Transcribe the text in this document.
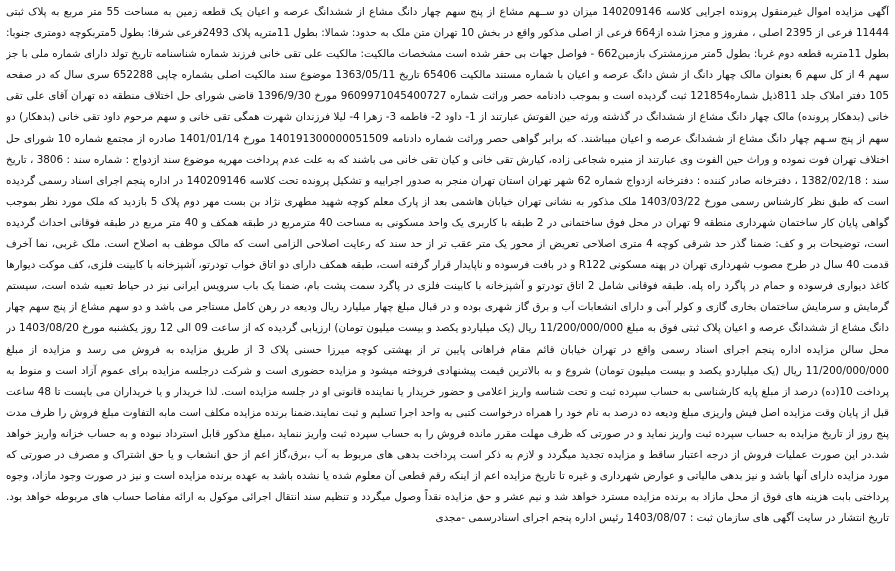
آگهی مزایده اموال غیرمنقول پرونده اجرایی کلاسه 140209146 میزان دو ســهم مشاع از پنج سهم چهار دانگ مشاع از ششدانگ عرصه و اعیان یک قطعه زمین به مساحت 55 متر مربع به پلاک ثبتی 11444 فرعی از 2395 اصلی ، مفروز و مجزا شده از664 فرعی از اصلی مذکور واقع در بخش 10 تهران متن ملک به حدود: شمالا: بطول 11متریه پلاک 2493فرعی شرقا: بطول 5متربکوچه دومتری جنوبا: بطول 11متربه قطعه دوم غربا: بطول 5متر مرزمشترک بازمین662 - فواصل جهات بی حفر شده است مشخصات مالکیت: مالکیت علی تقی خانی فرزند شماره شناسنامه تاریخ تولد دارای شماره ملی با جز سهم 4 از کل سهم 6 بعنوان مالک چهار دانگ از شش دانگ عرصه و اعیان با شماره مستند مالکیت 65406 تاریخ 1363/05/11 موضوع سند مالکیت اصلی بشماره چاپی 652288 سری سال که در صفحه 105 دفتر املاک جلد 811ذیل شماره121854 ثبت گردیده است و بموجب دادنامه حصر وراثت شماره 9609971045400727 مورخ 1396/9/30 قاضی شورای حل اختلاف منطقه ده تهران آقای علی تقی خانی (بدهکار پرونده) مالک چهار دانگ مشاع از ششدانگ در گذشته ورثه حین الفوتش عبارتند از 1- داود 2- فاطمه 3- زهرا 4- لیلا فرزندان شهرت همگی تقی خانی و سهم مرحوم داود تقی خانی (بدهکار) دو سهم از پنج سـهم چهار دانگ مشاع از ششدانگ عرصه و اعیان میباشند. که برابر گواهی حصر وراثت شماره دادنامه 140191300000051509 مورخ 1401/01/14 صادره از مجتمع شماره 10 شورای حل اختلاف تهران فوت نموده و وراث حین الفوت وی عبارتند از منیره شجاعی زاده، کیارش تقی خانی و کیان تقی خانی می باشند که به علت عدم پرداخت مهریه موضوع سند ازدواج : شماره سند : 3806 ، تاریخ سند : 1382/02/18 ، دفترخانه صادر کننده : دفترخانه ازدواج شماره 62 شهر تهران استان تهران منجر به صدور اجراییه و تشکیل پرونده تحت کلاسه 140209146 در اداره پنجم اجرای اسناد رسمی گردیده است که طبق نظر کارشناس رسمی مورخ 1403/03/22 ملک مذکور به نشانی تهران خیابان هاشمی بعد از پارک معلم کوچه شهید مطهری نژاد بن بست مهر دوم پلاک 5 بازدید که ملک مورد نظر بموجب گواهی پایان کار ساختمان شهرداری منطقه 9 تهران در محل فوق ساختمانی در 2 طبقه با کاربری یک واحد مسکونی به مساحت 40 مترمربع در طبقه همکف و 40 متر مربع در طبقه فوقانی احداث گردیده است، توضیحات بر و کف: ضمنا گذر حد شرقی کوچه 4 متری اصلاحی تعریض از محور یک متر عقب تر از حد سند که رعایت اصلاحی الزامی است که مالک موظف به اصلاح است. ملک غربی، نما آخرف قدمت 40 سال در طرح مصوب شهرداری تهران در پهنه مسکونی R122 و در بافت فرسوده و ناپایدار قرار گرفته است، طبقه همکف دارای دو اتاق خواب تودرتو، آشپزخانه با کابینت فلزی، کف موکت دیوارها کاغذ دیواری فرسوده و حمام در پاگرد راه پله. طبقه فوقانی شامل 2 اتاق تودرتو و آشپزخانه با کابینت فلزی در پاگرد سمت پشت بام، ضمنا یک باب سرویس ایرانی نیز در حیاط تعبیه شده است، سیستم گرمایش و سرمایش ساختمان بخاری گازی و کولر آبی و دارای انشعابات آب و برق گاز شهری بوده و در قبال مبلغ چهار میلیارد ریال ودیعه در رهن کامل مستاجر می باشد و دو سهم مشاع از پنج سهم چهار دانگ مشاع از ششدانگ عرصه و اعیان پلاک ثبتی فوق به مبلغ 11/200/000/000 ریال (یک میلیاردو یکصد و بیست میلیون تومان) ارزیابی گردیده که از ساعت 09 الی 12 روز یکشنبه مورخ 1403/08/20 در محل سالن مزایده اداره پنجم اجرای اسناد رسمی واقع در تهران خیابان قائم مقام فراهانی پایین تر از بهشتی کوچه میرزا حسنی پلاک 3 از طریق مزایده به فروش می رسد و مزایده از مبلغ 11/200/000/000 ریال (یک میلیاردو یکصد و بیست میلیون تومان) شروع و به بالاترین قیمت پیشنهادی فروخته میشود و مزایده حضوری است و شرکت درجلسه مزایده برای عموم آزاد است و منوط به پرداخت 10(ده) درصد از مبلغ پایه کارشناسی به حساب سپرده ثبت و تحت شناسه واریز اعلامی و حضور خریدار یا نماینده قانونی او در جلسه مزایده است. لذا خریدار و یا خریداران می بایست تا 48 ساعت قبل از پایان وقت مزایده اصل فیش واریزی مبلغ ودیعه ده درصد به نام خود را همراه درخواست کتبی به واحد اجرا تسلیم و ثبت نمایند.ضمنا برنده مزایده مکلف است مابه التفاوت مبلغ فروش را ظرف مدت پنج روز از تاریخ مزایده به حساب سپرده ثبت واریز نماید و در صورتی که ظرف مهلت مقرر مانده فروش را به حساب سپرده ثبت واریز ننماید ،مبلغ مذکور قابل استرداد نبوده و به حساب خزانه واریز خواهد شد.در این صورت عملیات فروش از درجه اعتبار ساقط و مزایده تجدید میگردد و لازم به ذکر است پرداخت بدهی های مربوط به آب ،برق،گاز اعم از حق انشعاب و یا حق اشتراک و مصرف در صورتی که مورد مزایده دارای آنها باشد و نیز بدهی مالیاتی و عوارض شهرداری و غیره تا تاریخ مزایده اعم از اینکه رقم قطعی آن معلوم شده یا نشده باشد به عهده برنده مزایده است و نیز در صورت وجود مازاد، وجوه پرداختی بابت هزینه های فوق از محل مازاد به برنده مزایده مسترد خواهد شد و نیم عشر و حق مزایده نقداً وصول میگردد و تنظیم سند انتقال اجرائی موکول به ارائه مفاصا حساب های مربوطه خواهد بود. تاریخ انتشار در سایت آگهی های سازمان ثبت : 1403/08/07 رئیس اداره پنجم اجرای اسنادرسمی -مجدی
